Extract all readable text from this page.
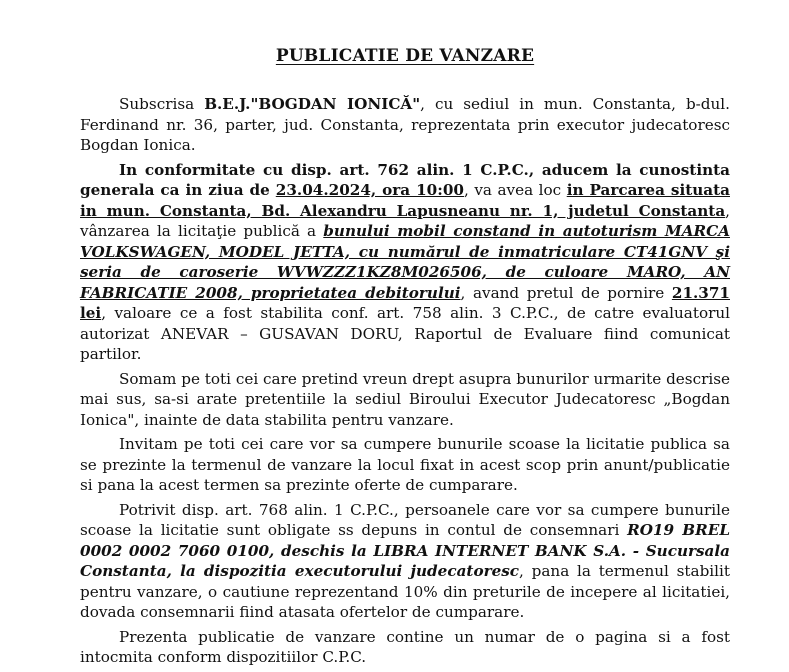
PUBLICATIE DE VANZARE

Subscrisa B.E.J."BOGDAN IONICĂ", cu sediul in mun. Constanta, b-dul. Ferdinand nr. 36, parter, jud. Constanta, reprezentata prin executor judecatoresc Bogdan Ionica.

In conformitate cu disp. art. 762 alin. 1 C.P.C., aducem la cunostinta generala ca in ziua de 23.04.2024, ora 10:00, va avea loc in Parcarea situata in mun. Constanta, Bd. Alexandru Lapusneanu nr. 1, judetul Constanta, vânzarea la licitaţie publică a bunului mobil constand in autoturism MARCA VOLKSWAGEN, MODEL JETTA, cu numărul de inmatriculare CT41GNV şi seria de caroserie WVWZZZ1KZ8M026506, de culoare MARO, AN FABRICATIE 2008, proprietatea debitorului, avand pretul de pornire 21.371 lei, valoare ce a fost stabilita conf. art. 758 alin. 3 C.P.C., de catre evaluatorul autorizat ANEVAR – GUSAVAN DORU, Raportul de Evaluare fiind comunicat partilor.

Somam pe toti cei care pretind vreun drept asupra bunurilor urmarite descrise mai sus, sa-si arate pretentiile la sediul Biroului Executor Judecatoresc „Bogdan Ionica", inainte de data stabilita pentru vanzare.

Invitam pe toti cei care vor sa cumpere bunurile scoase la licitatie publica sa se prezinte la termenul de vanzare la locul fixat in acest scop prin anunt/publicatie si pana la acest termen sa prezinte oferte de cumparare.

Potrivit disp. art. 768 alin. 1 C.P.C., persoanele care vor sa cumpere bunurile scoase la licitatie sunt obligate ss depuns in contul de consemnari RO19 BREL 0002 0002 7060 0100, deschis la LIBRA INTERNET BANK S.A. - Sucursala Constanta, la dispozitia executorului judecatoresc, pana la termenul stabilit pentru vanzare, o cautiune reprezentand 10% din preturile de incepere al licitatiei, dovada consemnarii fiind atasata ofertelor de cumparare.

Prezenta publicatie de vanzare contine un numar de o pagina si a fost intocmita conform dispozitiilor C.P.C.
